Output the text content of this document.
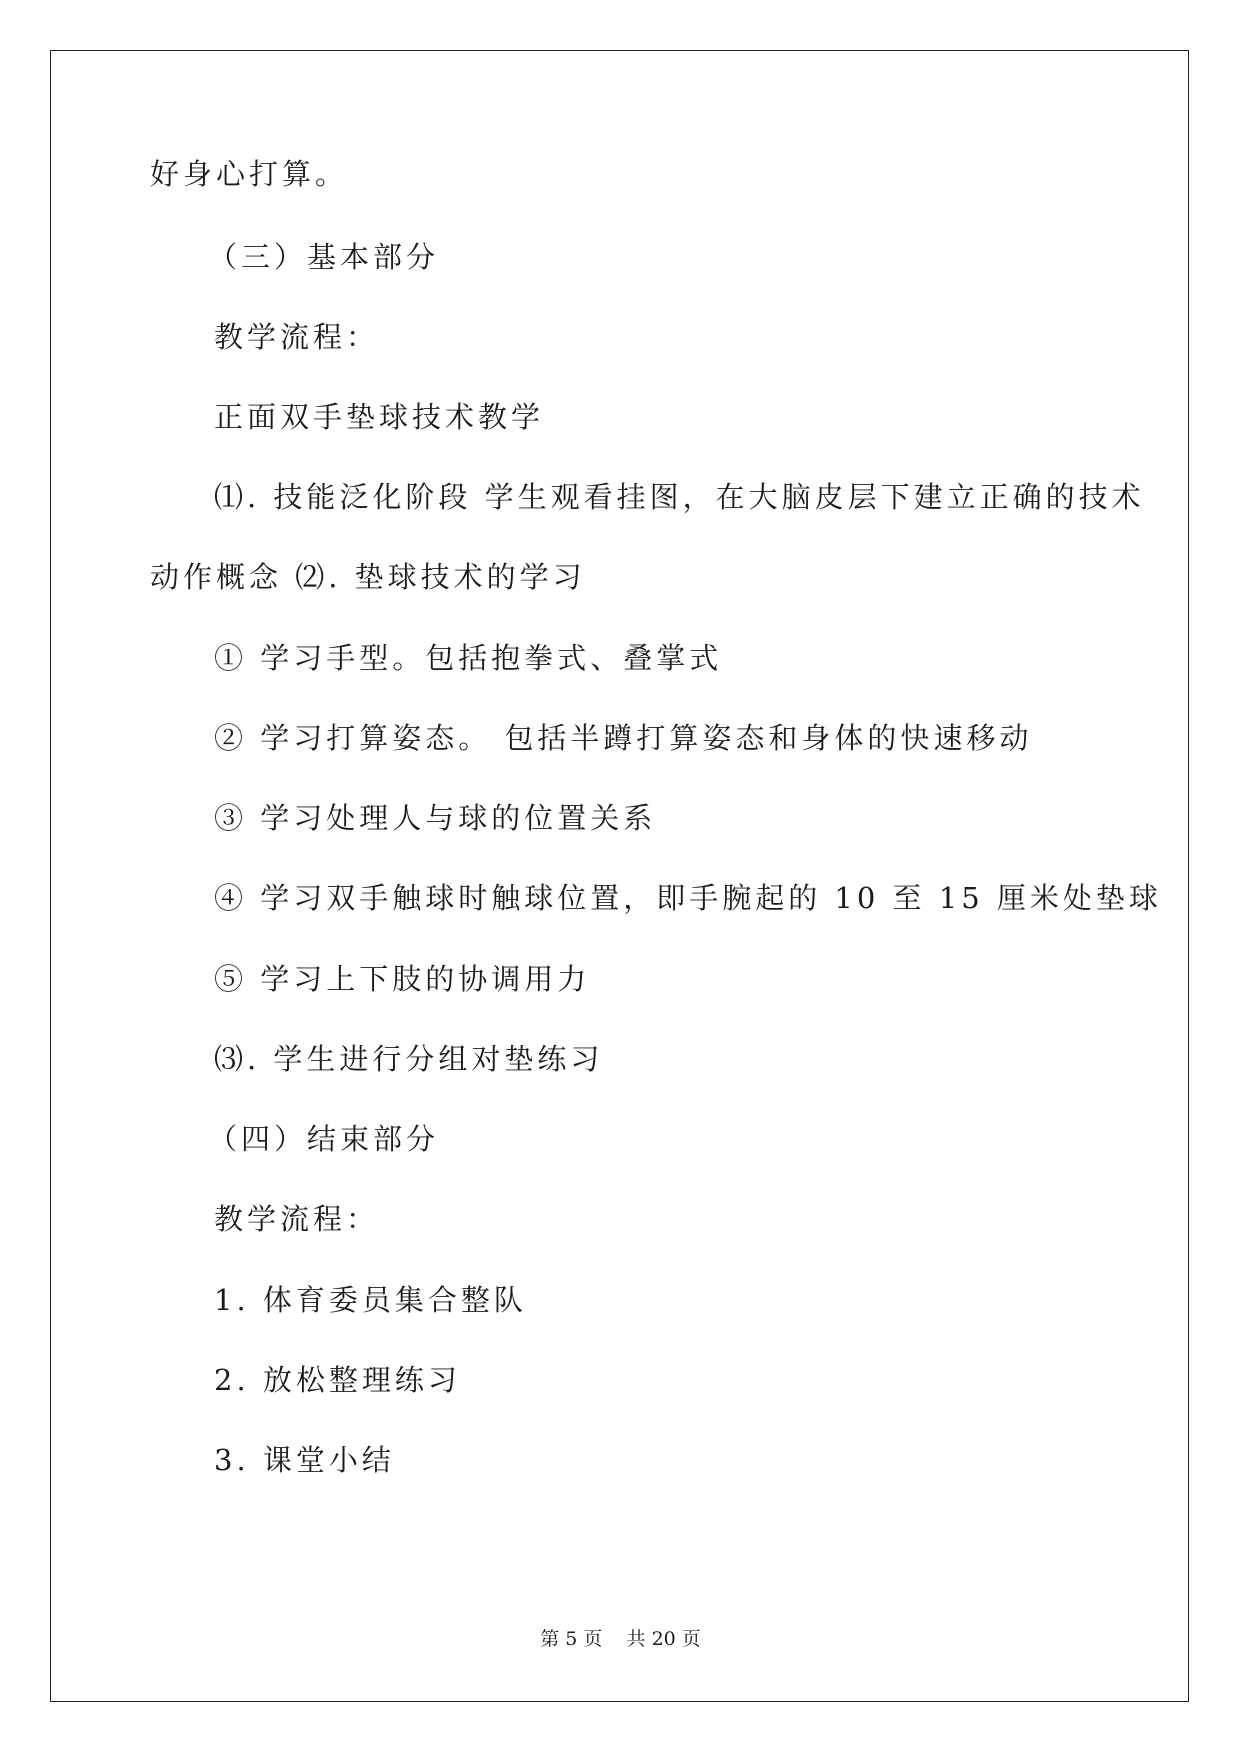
好身心打算。

（三）基本部分

教学流程：

正面双手垫球技术教学

⑴. 技能泛化阶段 学生观看挂图，在大脑皮层下建立正确的技术

动作概念 ⑵. 垫球技术的学习

① 学习手型。包括抱拳式、叠掌式

② 学习打算姿态。 包括半蹲打算姿态和身体的快速移动

③ 学习处理人与球的位置关系

④ 学习双手触球时触球位置，即手腕起的 10 至 15 厘米处垫球

⑤ 学习上下肢的协调用力

⑶. 学生进行分组对垫练习

（四）结束部分

教学流程：

1. 体育委员集合整队

2. 放松整理练习

3. 课堂小结

第 5 页    共 20 页
